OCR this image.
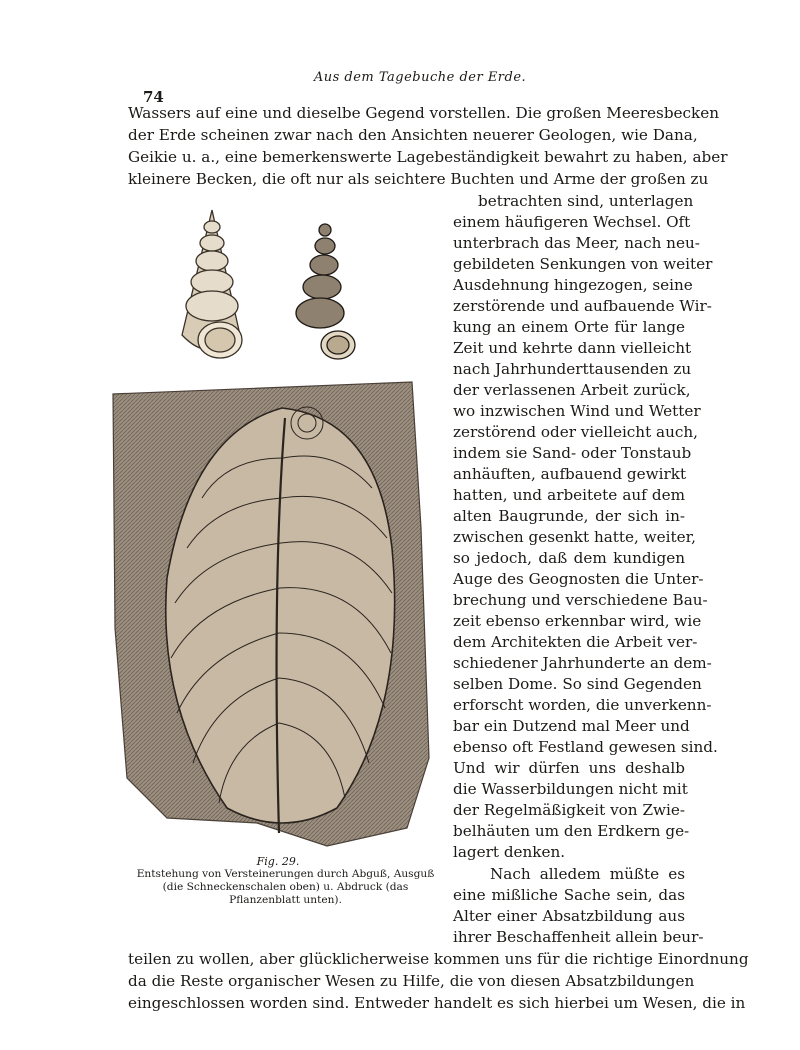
Aus dem Tagebuche der Erde.
74
Wassers auf eine und dieselbe Gegend vorstellen. Die großen Meeresbecken
der Erde scheinen zwar nach den Ansichten neuerer Geologen, wie Dana,
Geikie u. a., eine bemerkenswerte Lagebeständigkeit bewahrt zu haben, aber
kleinere Becken, die oft nur als seichtere Buchten und Arme der großen zu
betrachten sind, unterlagen
einem häufigeren Wechsel. Oft
unterbrach das Meer, nach neu-
gebildeten Senkungen von weiter
Ausdehnung hingezogen, seine
zerstörende und aufbauende Wir-
kung an einem Orte für lange
Zeit und kehrte dann vielleicht
nach Jahrhunderttausenden zu
der verlassenen Arbeit zurück,
wo inzwischen Wind und Wetter
zerstörend oder vielleicht auch,
indem sie Sand- oder Tonstaub
anhäuften, aufbauend gewirkt
hatten, und arbeitete auf dem
alten Baugrunde, der sich in-
zwischen gesenkt hatte, weiter,
so jedoch, daß dem kundigen
Auge des Geognosten die Unter-
brechung und verschiedene Bau-
zeit ebenso erkennbar wird, wie
dem Architekten die Arbeit ver-
schiedener Jahrhunderte an dem-
selben Dome. So sind Gegenden
erforscht worden, die unverkenn-
bar ein Dutzend mal Meer und
ebenso oft Festland gewesen sind.
Und wir dürfen uns deshalb
die Wasserbildungen nicht mit
der Regelmäßigkeit von Zwie-
belhäuten um den Erdkern ge-
lagert denken.
Nach alledem müßte es
eine mißliche Sache sein, das
Alter einer Absatzbildung aus
ihrer Beschaffenheit allein beur-
teilen zu wollen, aber glücklicherweise kommen uns für die richtige Einordnung
da die Reste organischer Wesen zu Hilfe, die von diesen Absatzbildungen
eingeschlossen worden sind. Entweder handelt es sich hierbei um Wesen, die in
Fig. 29.
Entstehung von Versteinerungen durch Abguß, Ausguß (die Schneckenschalen oben) u. Abdruck (das Pflanzenblatt unten).
